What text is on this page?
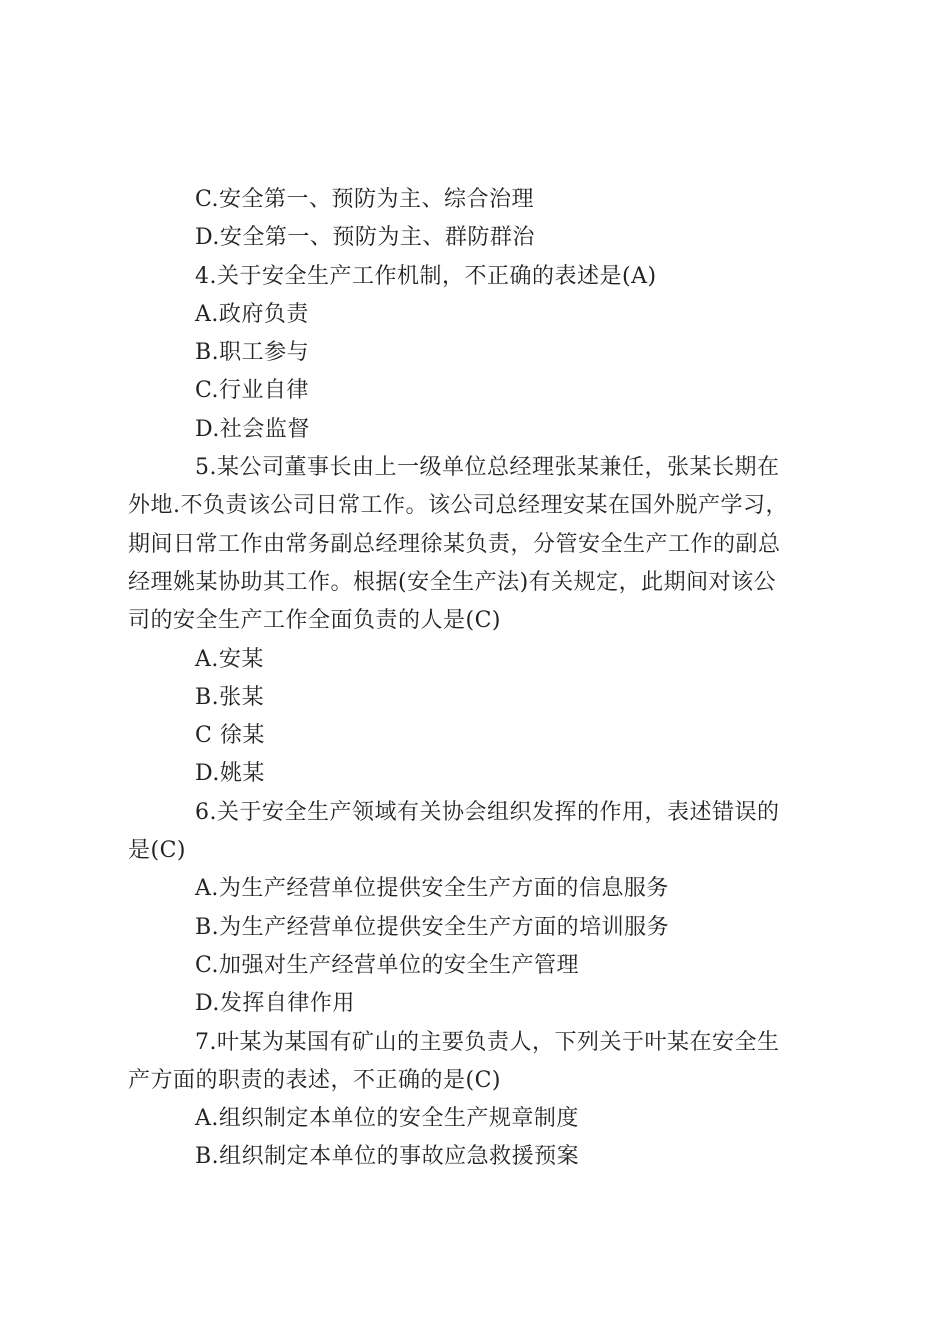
C.安全第一、预防为主、综合治理
D.安全第一、预防为主、群防群治
4.关于安全生产工作机制，不正确的表述是(A)
A.政府负责
B.职工参与
C.行业自律
D.社会监督
5.某公司董事长由上一级单位总经理张某兼任，张某长期在
外地.不负责该公司日常工作。该公司总经理安某在国外脱产学习，
期间日常工作由常务副总经理徐某负责，分管安全生产工作的副总
经理姚某协助其工作。根据(安全生产法)有关规定，此期间对该公
司的安全生产工作全面负责的人是(C)
A.安某
B.张某
C 徐某
D.姚某
6.关于安全生产领域有关协会组织发挥的作用，表述错误的
是(C)
A.为生产经营单位提供安全生产方面的信息服务
B.为生产经营单位提供安全生产方面的培训服务
C.加强对生产经营单位的安全生产管理
D.发挥自律作用
7.叶某为某国有矿山的主要负责人，下列关于叶某在安全生
产方面的职责的表述，不正确的是(C)
A.组织制定本单位的安全生产规章制度
B.组织制定本单位的事故应急救援预案
